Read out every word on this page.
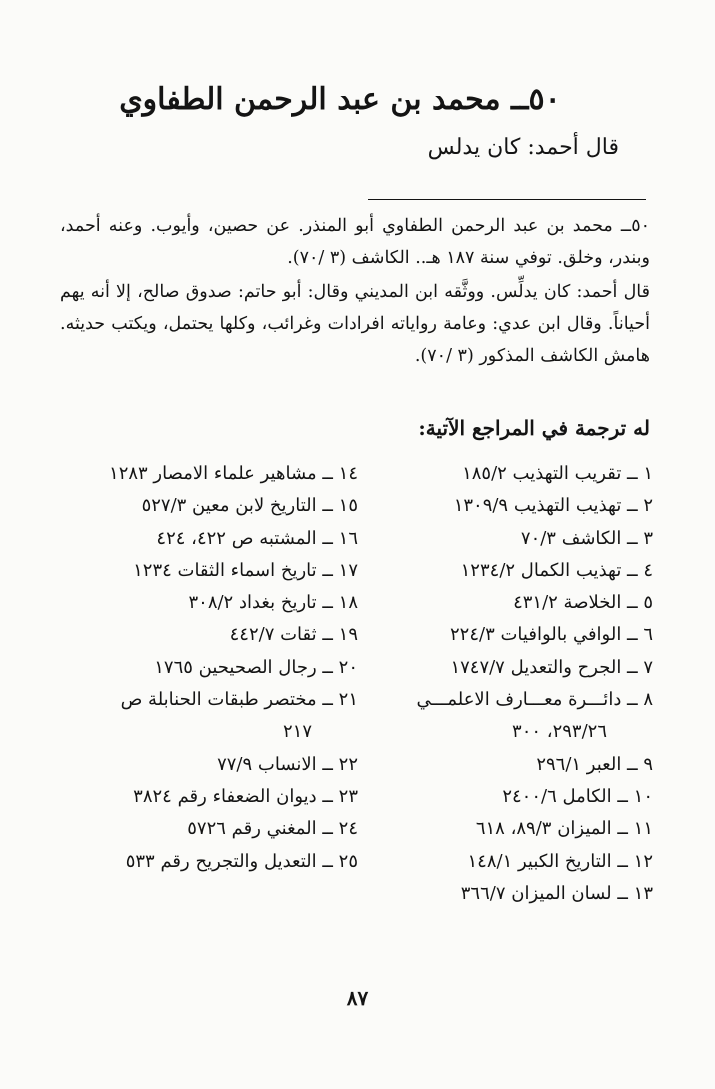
٥٠ــ محمد بن عبد الرحمن الطفاوي
قال أحمد: كان يدلس

٥٠ــ محمد بن عبد الرحمن الطفاوي أبو المنذر. عن حصين، وأيوب. وعنه أحمد، وبندر، وخلق. توفي سنة ١٨٧ هـ.. الكاشف (٣ /٧٠).

قال أحمد: كان يدلِّس. ووثَّقه ابن المديني وقال: أبو حاتم: صدوق صالح، إلا أنه يهم أحياناً. وقال ابن عدي: وعامة رواياته افرادات وغرائب، وكلها يحتمل، ويكتب حديثه. هامش الكاشف المذكور (٣ /٧٠).

له ترجمة في المراجع الآتية:
١ ــ تقريب التهذيب ١٨٥/٢
٢ ــ تهذيب التهذيب ١٣٠٩/٩
٣ ــ الكاشف ٧٠/٣
٤ ــ تهذيب الكمال ١٢٣٤/٢
٥ ــ الخلاصة ٤٣١/٢
٦ ــ الوافي بالوافيات ٢٢٤/٣
٧ ــ الجرح والتعديل ١٧٤٧/٧
٨ ــ دائـــرة معـــارف الاعلمـــي
٢٩٣/٢٦، ٣٠٠
٩ ــ العبر ٢٩٦/١
١٠ ــ الكامل ٢٤٠٠/٦
١١ ــ الميزان ٨٩/٣، ٦١٨
١٢ ــ التاريخ الكبير ١٤٨/١
١٣ ــ لسان الميزان ٣٦٦/٧
١٤ ــ مشاهير علماء الامصار ١٢٨٣
١٥ ــ التاريخ لابن معين ٥٢٧/٣
١٦ ــ المشتبه ص ٤٢٢، ٤٢٤
١٧ ــ تاريخ اسماء الثقات ١٢٣٤
١٨ ــ تاريخ بغداد ٣٠٨/٢
١٩ ــ ثقات ٤٤٢/٧
٢٠ ــ رجال الصحيحين ١٧٦٥
٢١ ــ مختصر طبقات الحنابلة ص
٢١٧
٢٢ ــ الانساب ٧٧/٩
٢٣ ــ ديوان الضعفاء رقم ٣٨٢٤
٢٤ ــ المغني رقم ٥٧٢٦
٢٥ ــ التعديل والتجريح رقم ٥٣٣
٨٧
